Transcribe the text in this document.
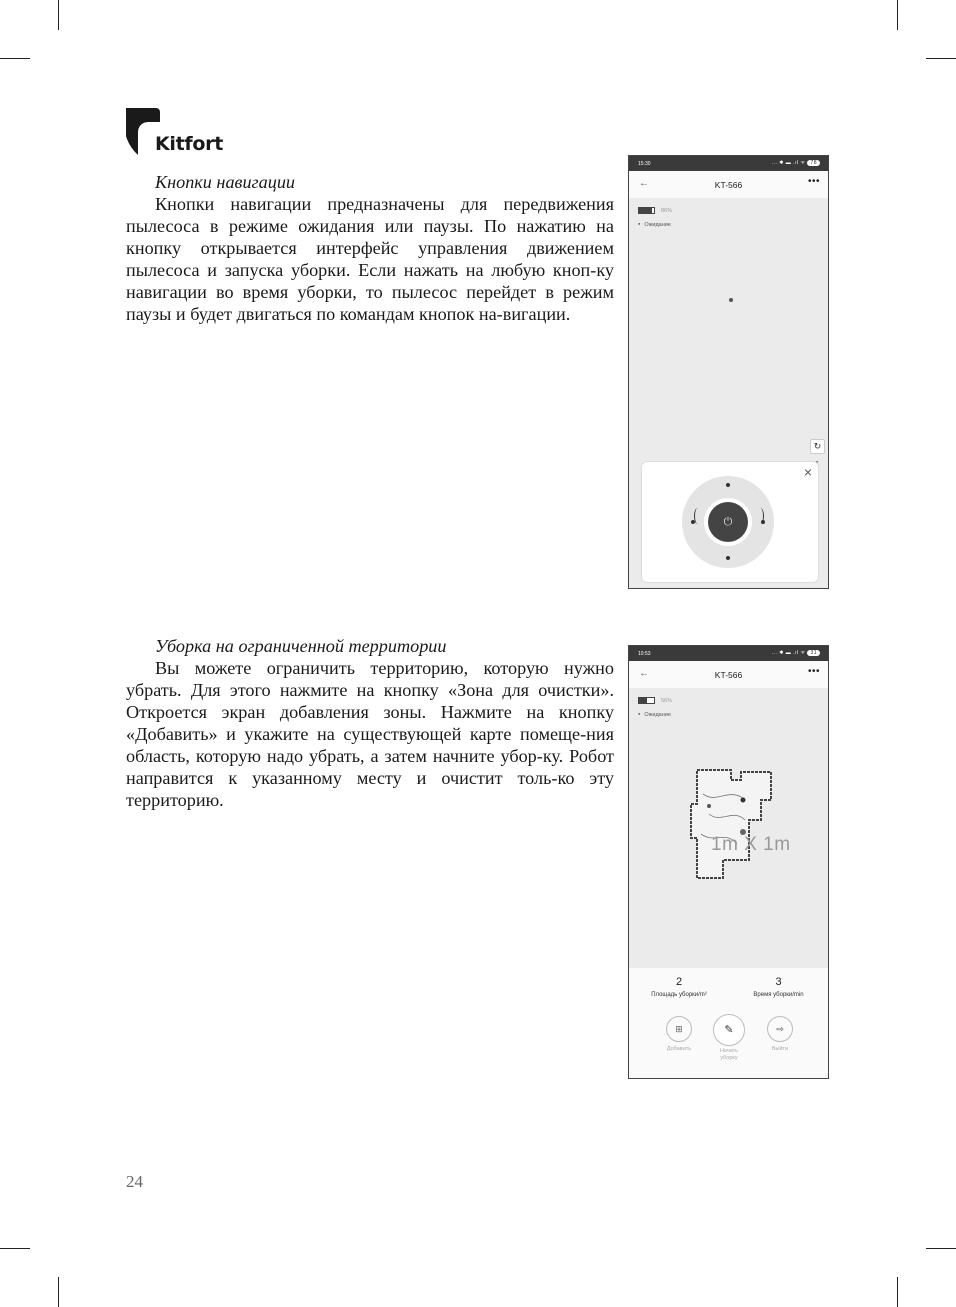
Kitfort
Кнопки навигации

Кнопки навигации предназначены для передвижения пылесоса в режиме ожидания или паузы. По нажатию на кнопку открывается интерфейс управления движением пылесоса и запуска уборки. Если нажать на любую кноп-ку навигации во время уборки, то пылесос перейдет в режим паузы и будет двигаться по командам кнопок на-вигации.

15:30	... ✱ ▬ .ıl ᯤ 78
←	KT-566	•••
86%
● Ожидание
↻
×
⏻
Уборка на ограниченной территории

Вы можете ограничить территорию, которую нужно убрать. Для этого нажмите на кнопку «Зона для очистки». Откроется экран добавления зоны. Нажмите на кнопку «Добавить» и укажите на существующей карте помеще-ния область, которую надо убрать, а затем начните убор-ку. Робот направится к указанному месту и очистит толь-ко эту территорию.

10:53	... ✱ ▬ .ıl ᯤ 31
←	KT-566	•••
56%
● Ожидание
1m X 1m
2
Площадь уборки/m²
3
Время уборки/min
⊞
Добавить
✎
Начать уборку
⇨
Выйти
24
